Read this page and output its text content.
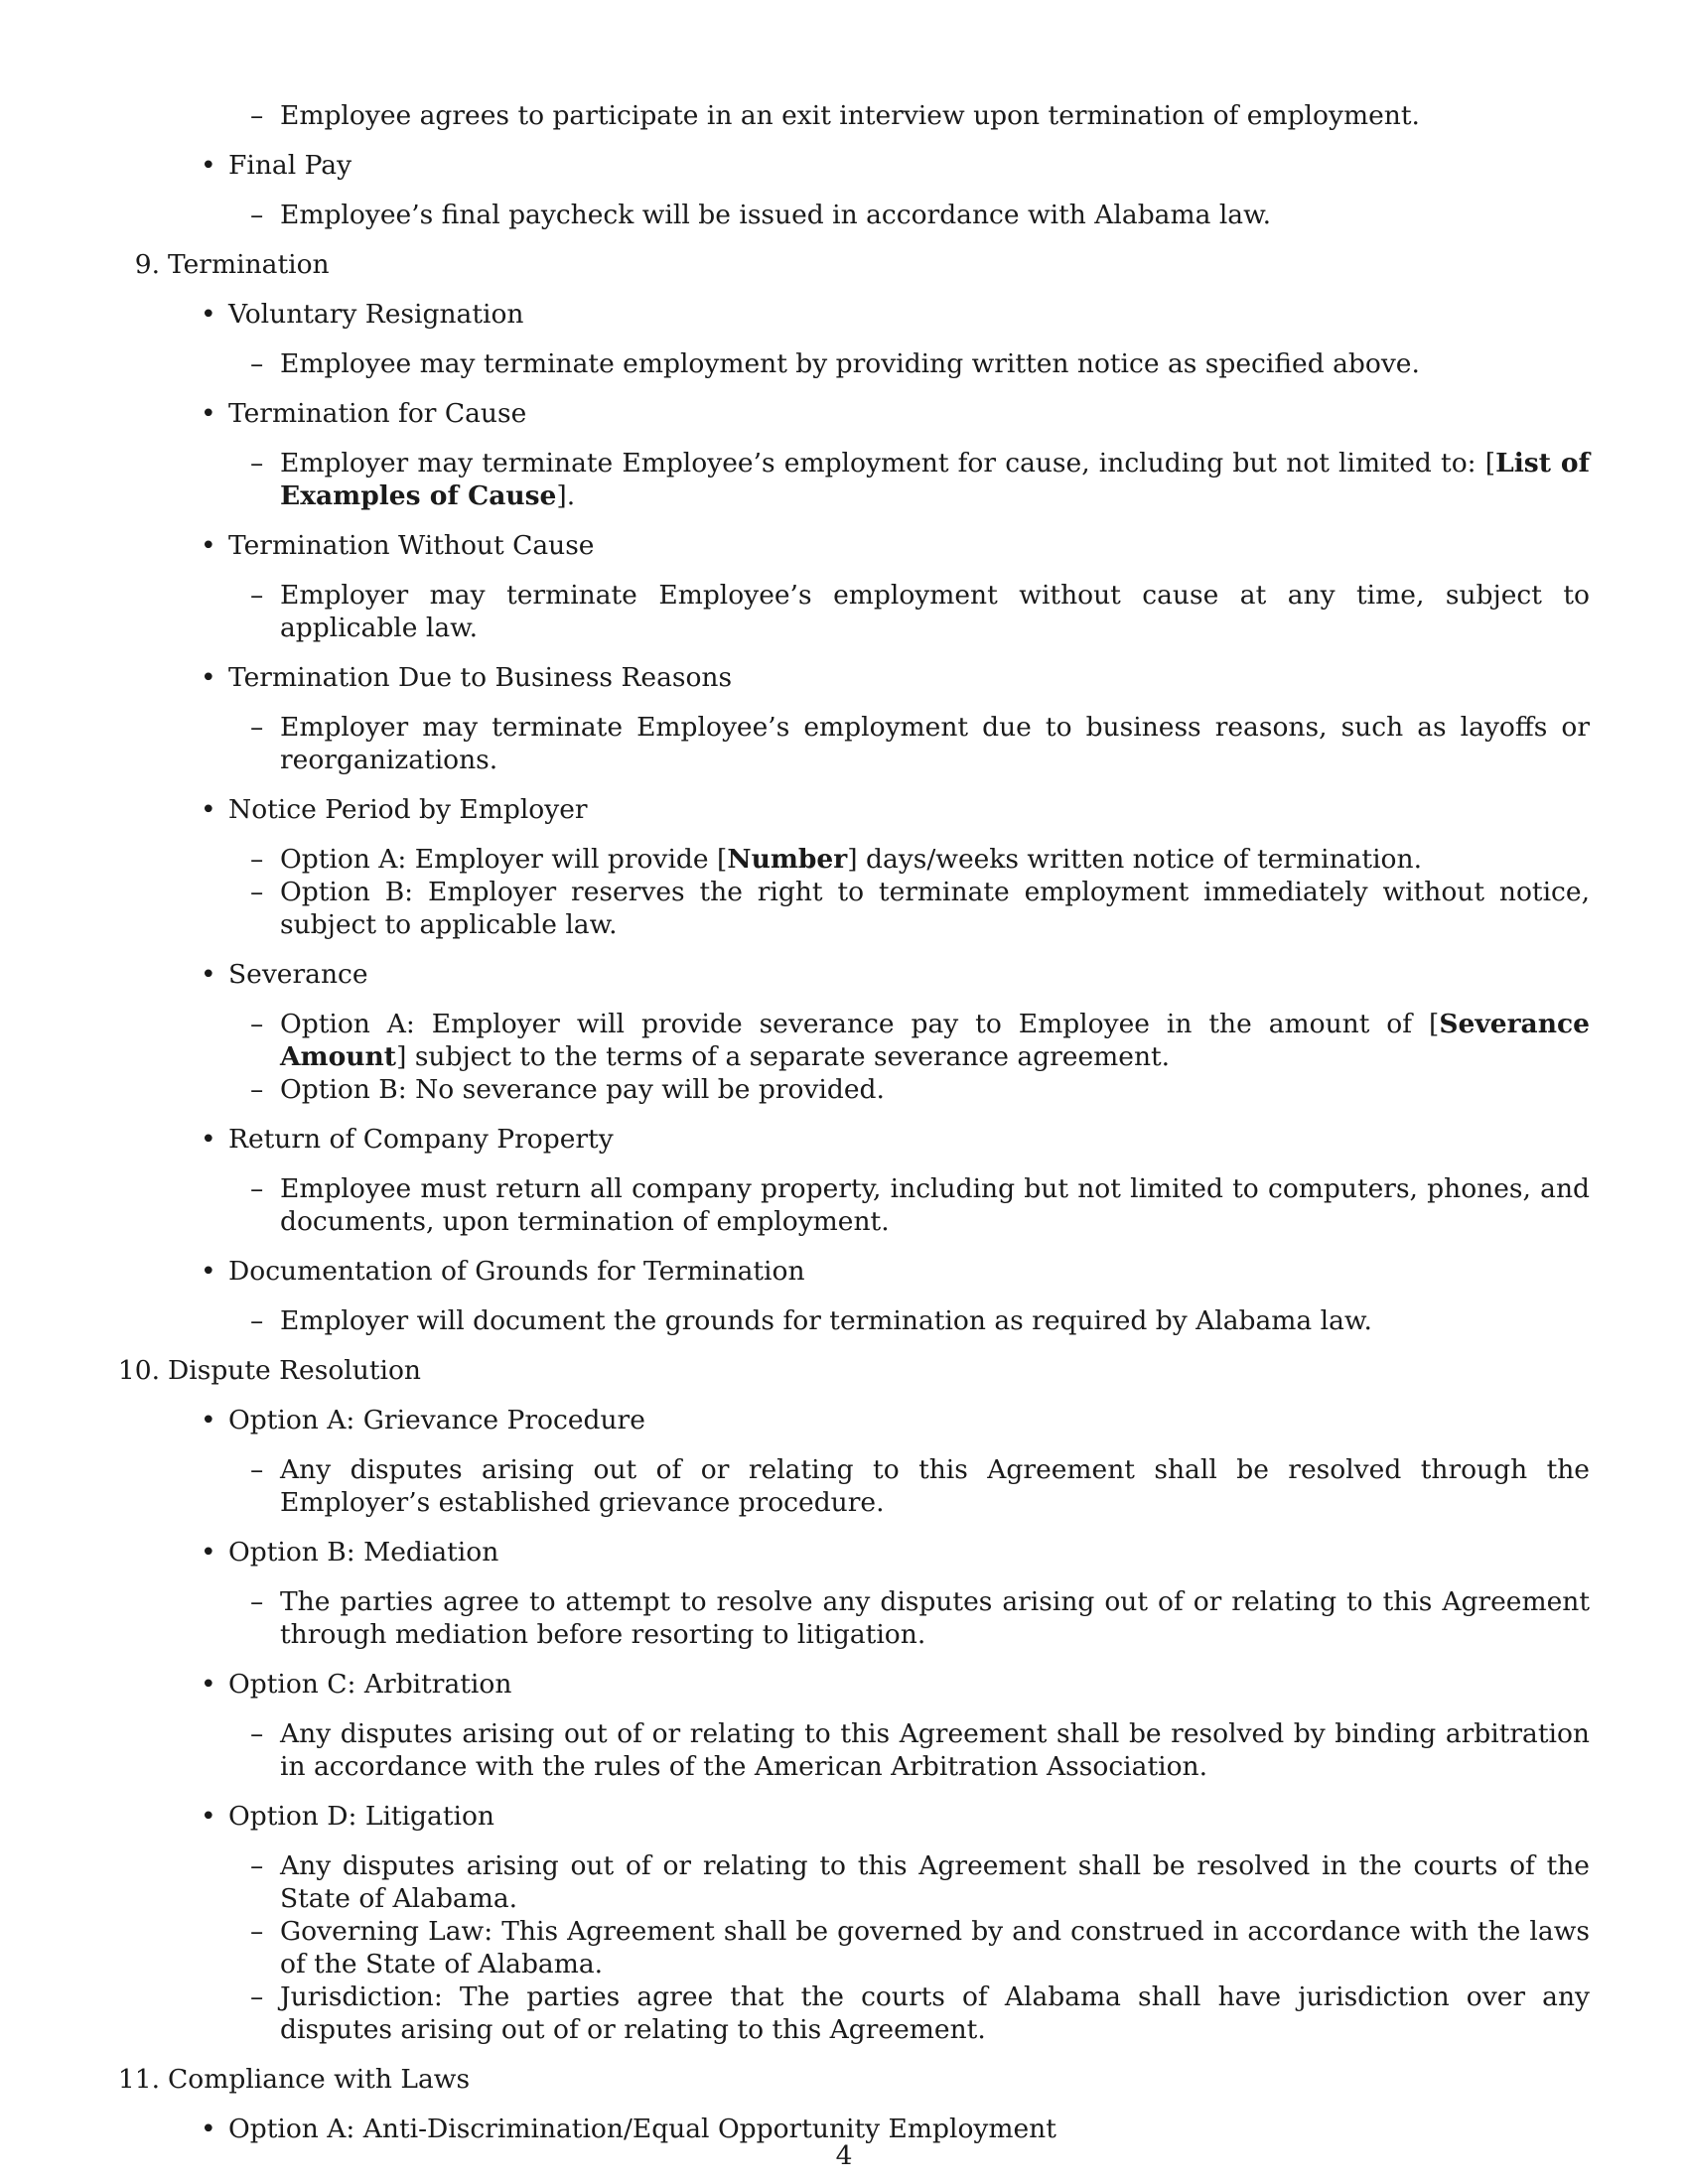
– Employee agrees to participate in an exit interview upon termination of employment.
• Final Pay
– Employee’s final paycheck will be issued in accordance with Alabama law.
9. Termination
• Voluntary Resignation
– Employee may terminate employment by providing written notice as specified above.
• Termination for Cause
– Employer may terminate Employee’s employment for cause, including but not limited to: [List of Examples of Cause].
• Termination Without Cause
– Employer may terminate Employee’s employment without cause at any time, subject to applicable law.
• Termination Due to Business Reasons
– Employer may terminate Employee’s employment due to business reasons, such as layoffs or reorganizations.
• Notice Period by Employer
– Option A: Employer will provide [Number] days/weeks written notice of termination.
– Option B: Employer reserves the right to terminate employment immediately without notice, subject to applicable law.
• Severance
– Option A: Employer will provide severance pay to Employee in the amount of [Severance Amount] subject to the terms of a separate severance agreement.
– Option B: No severance pay will be provided.
• Return of Company Property
– Employee must return all company property, including but not limited to computers, phones, and documents, upon termination of employment.
• Documentation of Grounds for Termination
– Employer will document the grounds for termination as required by Alabama law.
10. Dispute Resolution
• Option A: Grievance Procedure
– Any disputes arising out of or relating to this Agreement shall be resolved through the Employer’s established grievance procedure.
• Option B: Mediation
– The parties agree to attempt to resolve any disputes arising out of or relating to this Agreement through mediation before resorting to litigation.
• Option C: Arbitration
– Any disputes arising out of or relating to this Agreement shall be resolved by binding arbitration in accordance with the rules of the American Arbitration Association.
• Option D: Litigation
– Any disputes arising out of or relating to this Agreement shall be resolved in the courts of the State of Alabama.
– Governing Law: This Agreement shall be governed by and construed in accordance with the laws of the State of Alabama.
– Jurisdiction: The parties agree that the courts of Alabama shall have jurisdiction over any disputes arising out of or relating to this Agreement.
11. Compliance with Laws
• Option A: Anti-Discrimination/Equal Opportunity Employment
4
